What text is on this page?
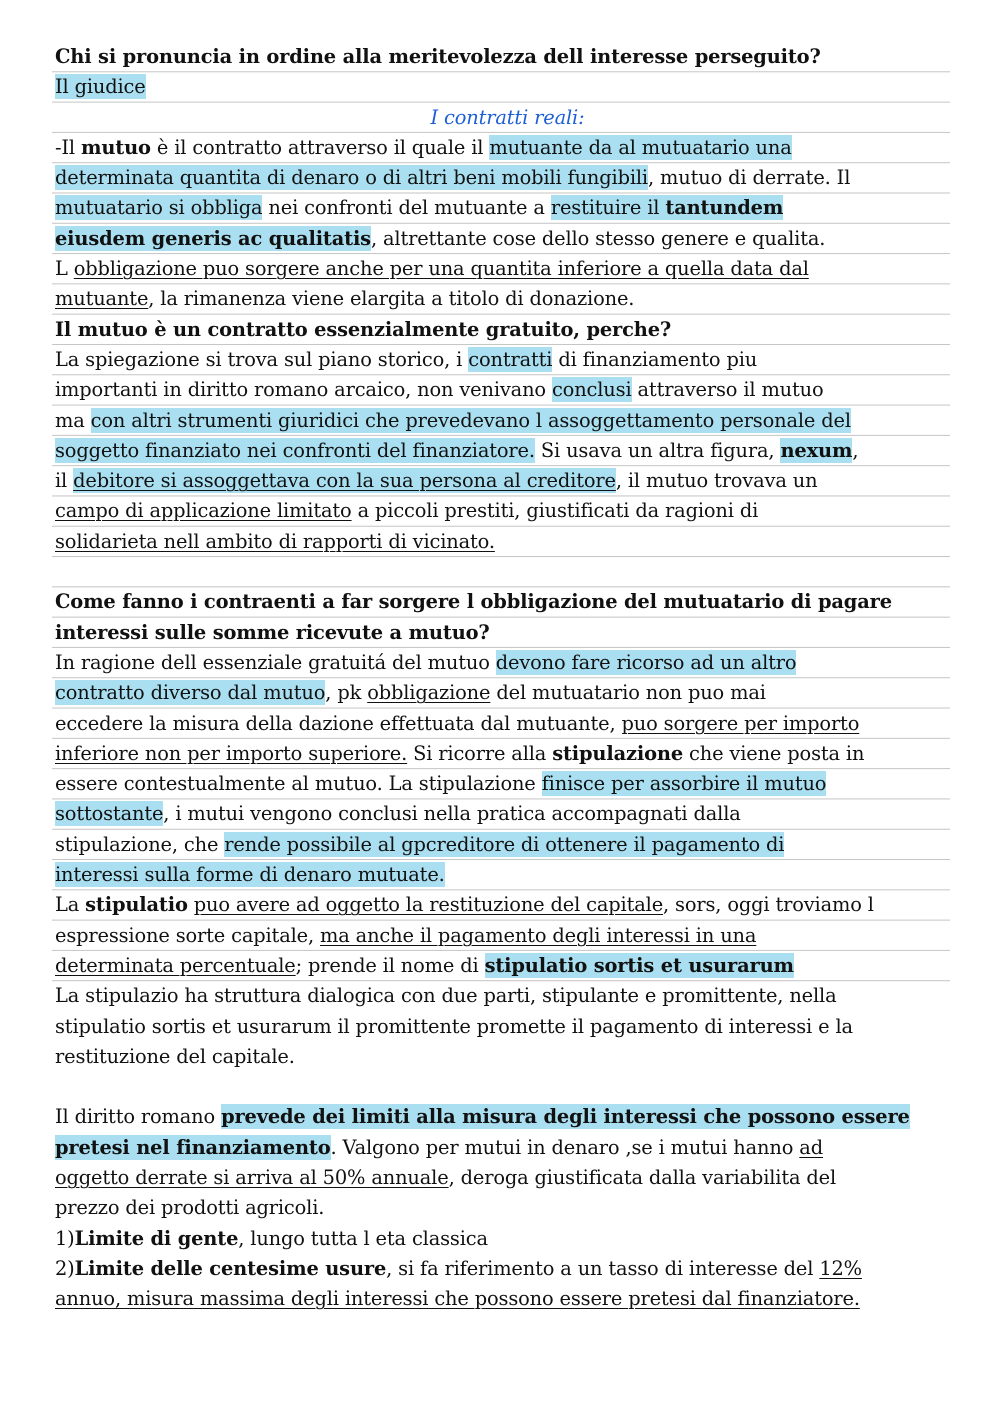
Chi si pronuncia in ordine alla meritevolezza dell interesse perseguito?
Il giudice
I contratti reali:
-Il mutuo è il contratto attraverso il quale il mutuante da al mutuatario una
determinata quantita di denaro o di altri beni mobili fungibili, mutuo di derrate. Il
mutuatario si obbliga nei confronti del mutuante a restituire il tantundem
eiusdem generis ac qualitatis, altrettante cose dello stesso genere e qualita.
L obbligazione puo sorgere anche per una quantita inferiore a quella data dal
mutuante, la rimanenza viene elargita a titolo di donazione.
Il mutuo è un contratto essenzialmente gratuito, perche?
La spiegazione si trova sul piano storico, i contratti di finanziamento piu
importanti in diritto romano arcaico, non venivano conclusi attraverso il mutuo
ma con altri strumenti giuridici che prevedevano l assoggettamento personale del
soggetto finanziato nei confronti del finanziatore. Si usava un altra figura, nexum,
il debitore si assoggettava con la sua persona al creditore, il mutuo trovava un
campo di applicazione limitato a piccoli prestiti, giustificati da ragioni di
solidarieta nell ambito di rapporti di vicinato.
Come fanno i contraenti a far sorgere l obbligazione del mutuatario di pagare
interessi sulle somme ricevute a mutuo?
In ragione dell essenziale gratuitá del mutuo devono fare ricorso ad un altro
contratto diverso dal mutuo, pk obbligazione del mutuatario non puo mai
eccedere la misura della dazione effettuata dal mutuante, puo sorgere per importo
inferiore non per importo superiore. Si ricorre alla stipulazione che viene posta in
essere contestualmente al mutuo. La stipulazione finisce per assorbire il mutuo
sottostante, i mutui vengono conclusi nella pratica accompagnati dalla
stipulazione, che rende possibile al gpcreditore di ottenere il pagamento di
interessi sulla forme di denaro mutuate.
La stipulatio puo avere ad oggetto la restituzione del capitale, sors, oggi troviamo l
espressione sorte capitale, ma anche il pagamento degli interessi in una
determinata percentuale; prende il nome di stipulatio sortis et usurarum
La stipulazio ha struttura dialogica con due parti, stipulante e promittente, nella
stipulatio sortis et usurarum il promittente promette il pagamento di interessi e la
restituzione del capitale.
Il diritto romano prevede dei limiti alla misura degli interessi che possono essere
pretesi nel finanziamento. Valgono per mutui in denaro ,se i mutui hanno ad
oggetto derrate si arriva al 50% annuale, deroga giustificata dalla variabilita del
prezzo dei prodotti agricoli.
1)Limite di gente, lungo tutta l eta classica
2)Limite delle centesime usure, si fa riferimento a un tasso di interesse del 12%
annuo, misura massima degli interessi che possono essere pretesi dal finanziatore.
